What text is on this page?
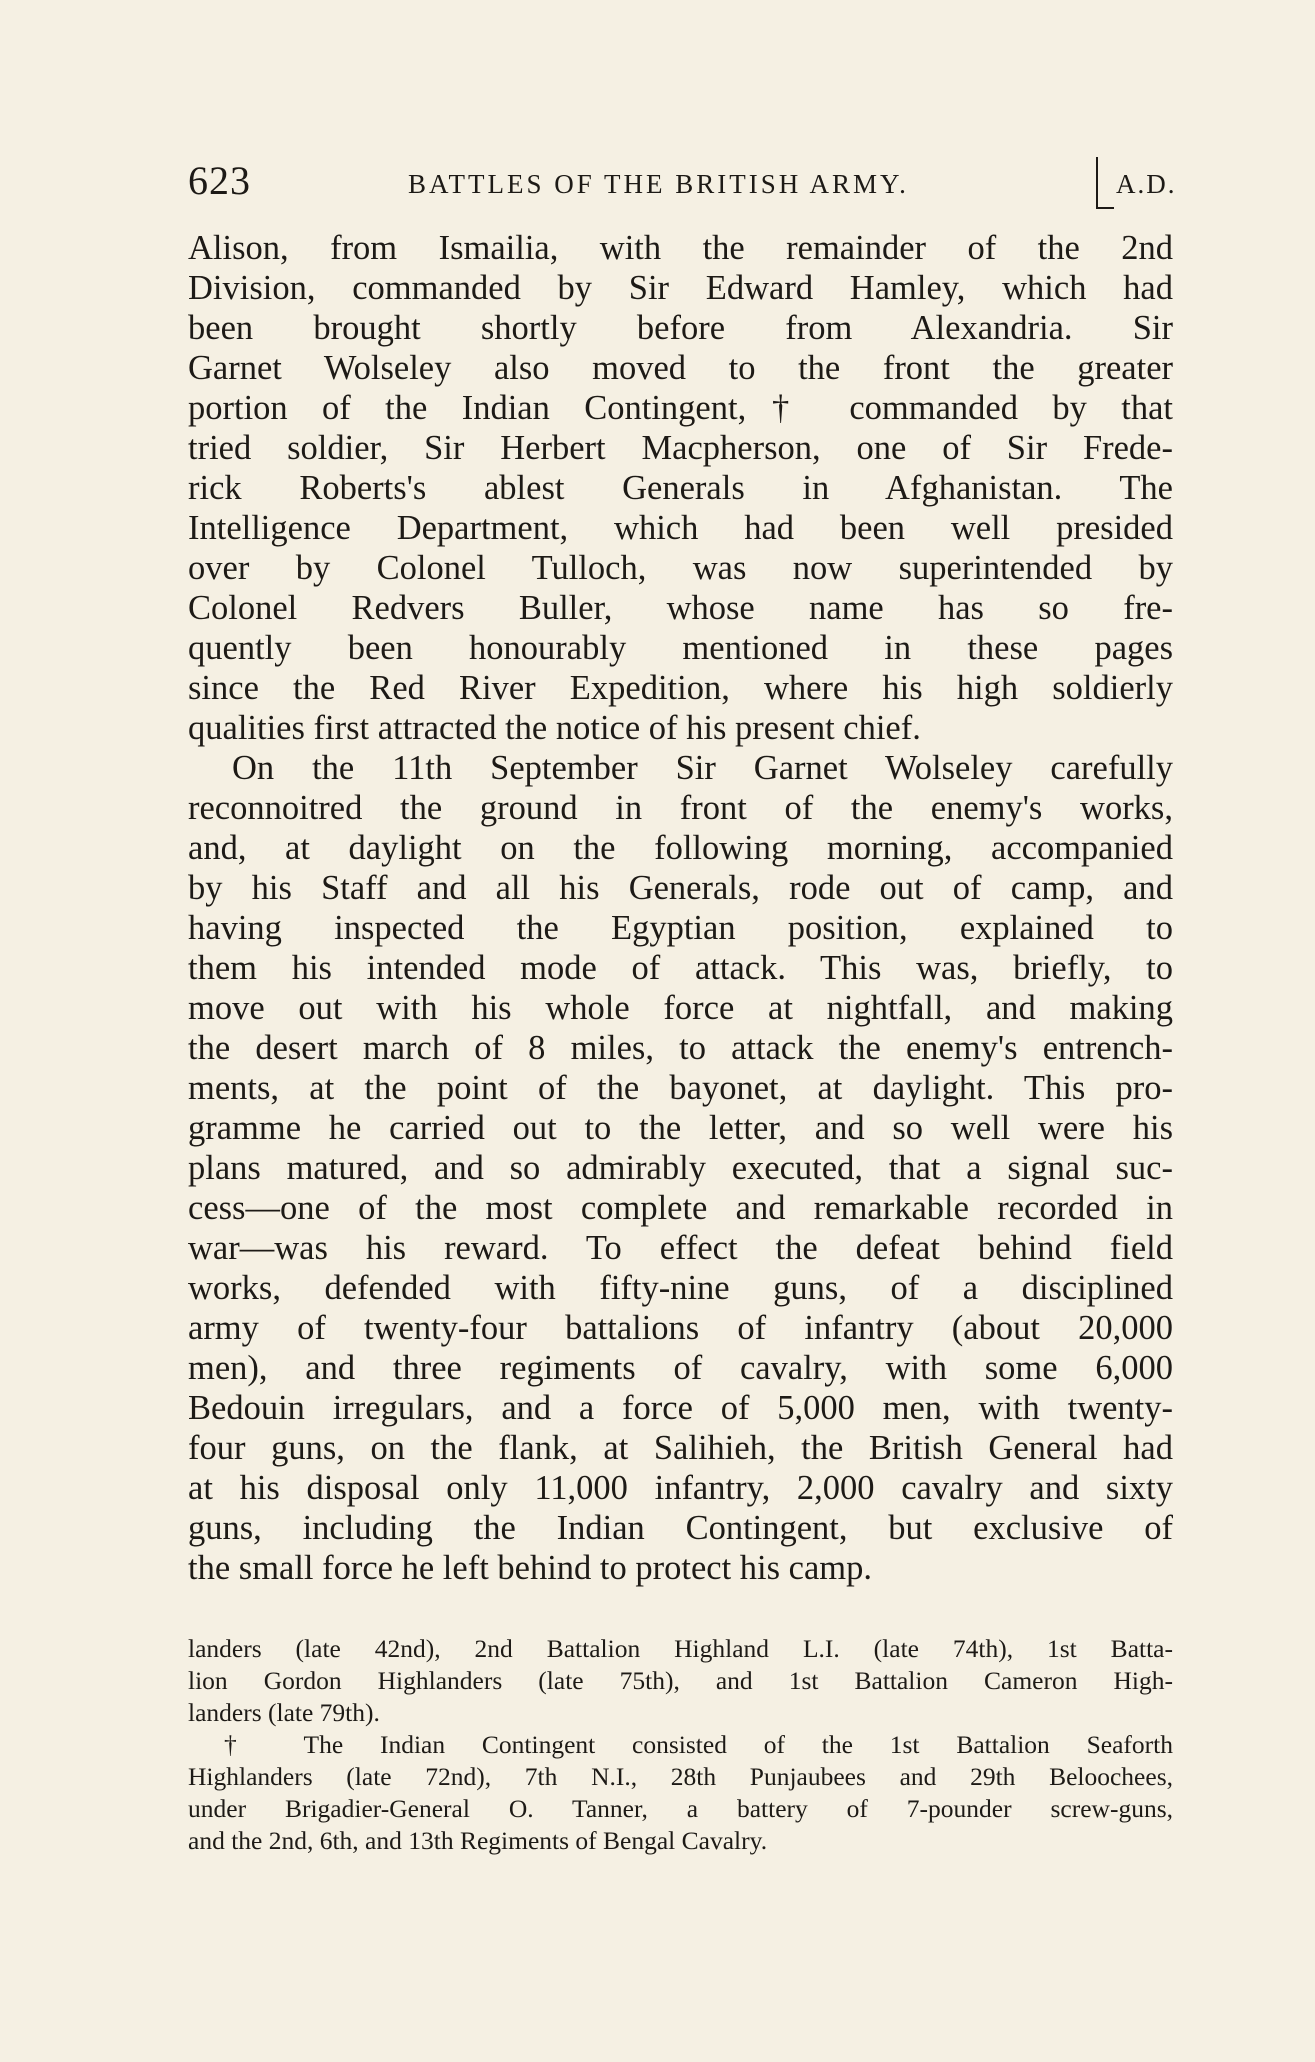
623	BATTLES OF THE BRITISH ARMY.	A.D.
Alison, from Ismailia, with the remainder of the 2nd
Division, commanded by Sir Edward Hamley, which had
been brought shortly before from Alexandria. Sir
Garnet Wolseley also moved to the front the greater
portion of the Indian Contingent,† commanded by that
tried soldier, Sir Herbert Macpherson, one of Sir Frede-
rick Roberts's ablest Generals in Afghanistan. The
Intelligence Department, which had been well presided
over by Colonel Tulloch, was now superintended by
Colonel Redvers Buller, whose name has so fre-
quently been honourably mentioned in these pages
since the Red River Expedition, where his high soldierly
qualities first attracted the notice of his present chief.
On the 11th September Sir Garnet Wolseley carefully
reconnoitred the ground in front of the enemy's works,
and, at daylight on the following morning, accompanied
by his Staff and all his Generals, rode out of camp, and
having inspected the Egyptian position, explained to
them his intended mode of attack. This was, briefly, to
move out with his whole force at nightfall, and making
the desert march of 8 miles, to attack the enemy's entrench-
ments, at the point of the bayonet, at daylight. This pro-
gramme he carried out to the letter, and so well were his
plans matured, and so admirably executed, that a signal suc-
cess—one of the most complete and remarkable recorded in
war—was his reward. To effect the defeat behind field
works, defended with fifty-nine guns, of a disciplined
army of twenty-four battalions of infantry (about 20,000
men), and three regiments of cavalry, with some 6,000
Bedouin irregulars, and a force of 5,000 men, with twenty-
four guns, on the flank, at Salihieh, the British General had
at his disposal only 11,000 infantry, 2,000 cavalry and sixty
guns, including the Indian Contingent, but exclusive of
the small force he left behind to protect his camp.
landers (late 42nd), 2nd Battalion Highland L.I. (late 74th), 1st Batta-
lion Gordon Highlanders (late 75th), and 1st Battalion Cameron High-
landers (late 79th).
† The Indian Contingent consisted of the 1st Battalion Seaforth
Highlanders (late 72nd), 7th N.I., 28th Punjaubees and 29th Beloochees,
under Brigadier-General O. Tanner, a battery of 7-pounder screw-guns,
and the 2nd, 6th, and 13th Regiments of Bengal Cavalry.
